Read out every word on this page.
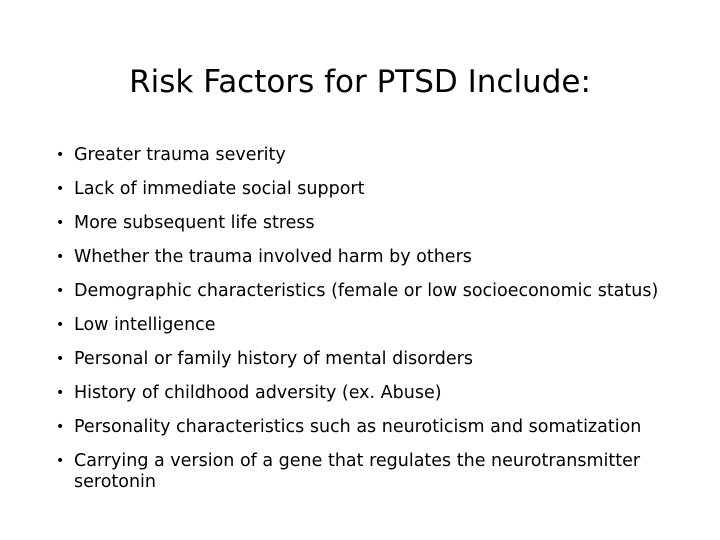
Risk Factors for PTSD Include:
• Greater trauma severity
• Lack of immediate social support
• More subsequent life stress
• Whether the trauma involved harm by others
• Demographic characteristics (female or low socioeconomic status)
• Low intelligence
• Personal or family history of mental disorders
• History of childhood adversity (ex. Abuse)
• Personality characteristics such as neuroticism and somatization
• Carrying a version of a gene that regulates the neurotransmitter serotonin
